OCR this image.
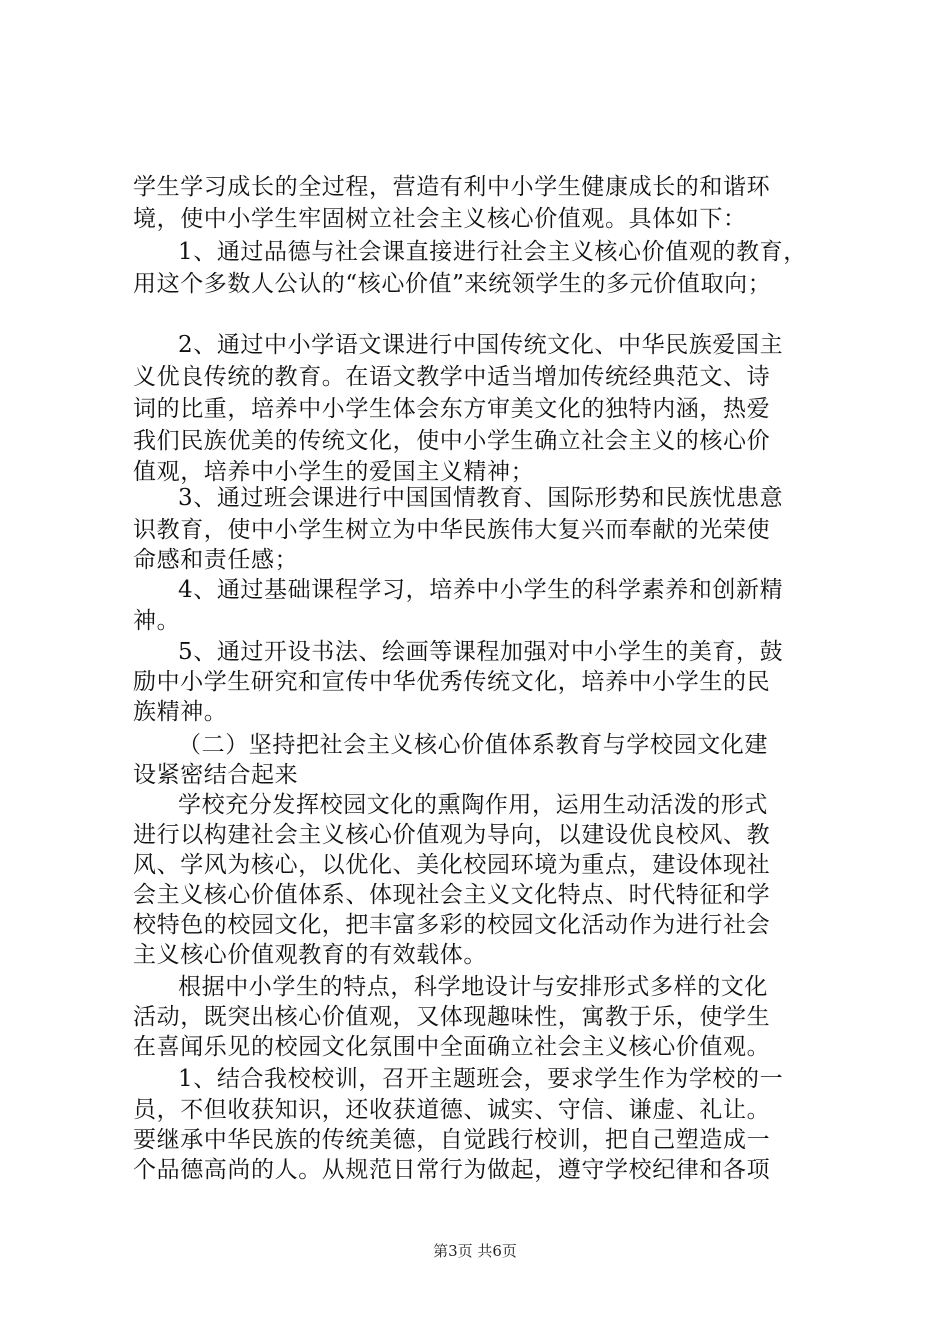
学生学习成长的全过程，营造有利中小学生健康成长的和谐环
境，使中小学生牢固树立社会主义核心价值观。具体如下：
1、通过品德与社会课直接进行社会主义核心价值观的教育，
用这个多数人公认的“核心价值”来统领学生的多元价值取向；
2、通过中小学语文课进行中国传统文化、中华民族爱国主
义优良传统的教育。在语文教学中适当增加传统经典范文、诗
词的比重，培养中小学生体会东方审美文化的独特内涵，热爱
我们民族优美的传统文化，使中小学生确立社会主义的核心价
值观，培养中小学生的爱国主义精神；
3、通过班会课进行中国国情教育、国际形势和民族忧患意
识教育，使中小学生树立为中华民族伟大复兴而奉献的光荣使
命感和责任感；
4、通过基础课程学习，培养中小学生的科学素养和创新精
神。
5、通过开设书法、绘画等课程加强对中小学生的美育，鼓
励中小学生研究和宣传中华优秀传统文化，培养中小学生的民
族精神。
（二）坚持把社会主义核心价值体系教育与学校园文化建
设紧密结合起来
学校充分发挥校园文化的熏陶作用，运用生动活泼的形式
进行以构建社会主义核心价值观为导向，以建设优良校风、教
风、学风为核心，以优化、美化校园环境为重点，建设体现社
会主义核心价值体系、体现社会主义文化特点、时代特征和学
校特色的校园文化，把丰富多彩的校园文化活动作为进行社会
主义核心价值观教育的有效载体。
根据中小学生的特点，科学地设计与安排形式多样的文化
活动，既突出核心价值观，又体现趣味性，寓教于乐，使学生
在喜闻乐见的校园文化氛围中全面确立社会主义核心价值观。
1、结合我校校训，召开主题班会，要求学生作为学校的一
员，不但收获知识，还收获道德、诚实、守信、谦虚、礼让。
要继承中华民族的传统美德，自觉践行校训，把自己塑造成一
个品德高尚的人。从规范日常行为做起，遵守学校纪律和各项
第3页 共6页
